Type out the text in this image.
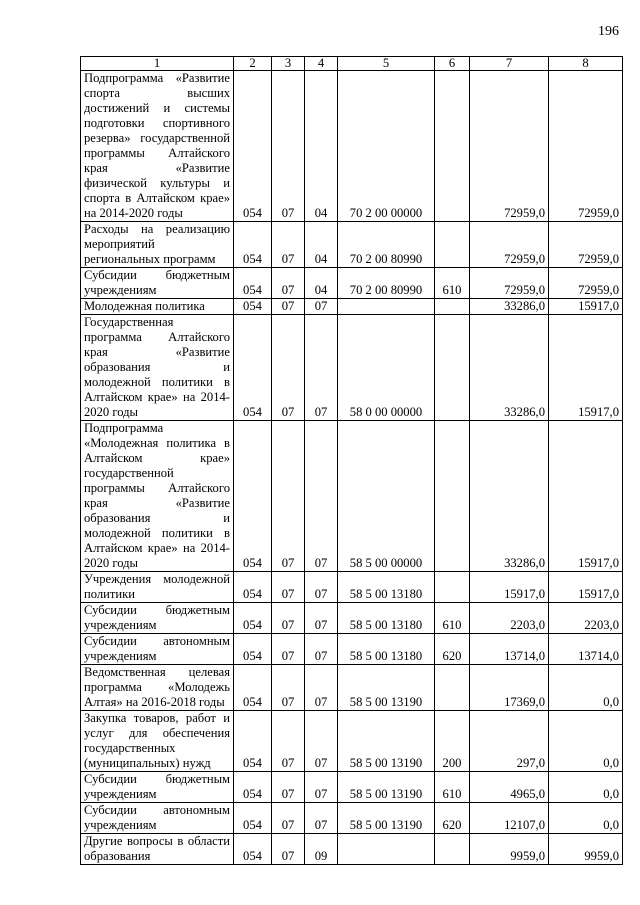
196
1	2	3	4	5	6	7	8
Подпрограмма «Развитие спорта высших достижений и системы подготовки спортивного резерва» государственной программы Алтайского края «Развитие физической культуры и спорта в Алтайском крае» на 2014-2020 годы	054	07	04	70 2 00 00000		72959,0	72959,0
Расходы на реализацию мероприятий региональных программ	054	07	04	70 2 00 80990		72959,0	72959,0
Субсидии бюджетным учреждениям	054	07	04	70 2 00 80990	610	72959,0	72959,0
Молодежная политика	054	07	07			33286,0	15917,0
Государственная программа Алтайского края «Развитие образования и молодежной политики в Алтайском крае» на 2014-2020 годы	054	07	07	58 0 00 00000		33286,0	15917,0
Подпрограмма «Молодежная политика в Алтайском крае» государственной программы Алтайского края «Развитие образования и молодежной политики в Алтайском крае» на 2014-2020 годы	054	07	07	58 5 00 00000		33286,0	15917,0
Учреждения молодежной политики	054	07	07	58 5 00 13180		15917,0	15917,0
Субсидии бюджетным учреждениям	054	07	07	58 5 00 13180	610	2203,0	2203,0
Субсидии автономным учреждениям	054	07	07	58 5 00 13180	620	13714,0	13714,0
Ведомственная целевая программа «Молодежь Алтая» на 2016-2018 годы	054	07	07	58 5 00 13190		17369,0	0,0
Закупка товаров, работ и услуг для обеспечения государственных (муниципальных) нужд	054	07	07	58 5 00 13190	200	297,0	0,0
Субсидии бюджетным учреждениям	054	07	07	58 5 00 13190	610	4965,0	0,0
Субсидии автономным учреждениям	054	07	07	58 5 00 13190	620	12107,0	0,0
Другие вопросы в области образования	054	07	09			9959,0	9959,0
